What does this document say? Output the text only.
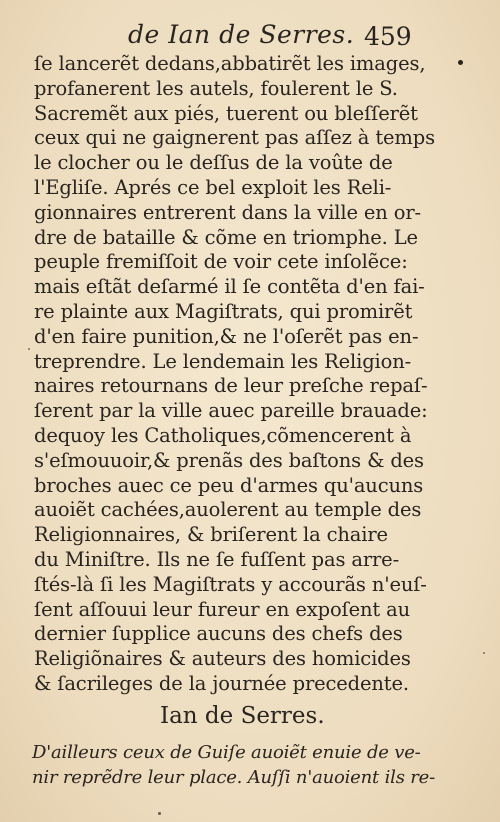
de Ian de Serres. 459
ſe lancerẽt dedans,abbatirẽt les images,
profanerent les autels, foulerent le S.
Sacremẽt aux piés, tuerent ou bleſſerẽt
ceux qui ne gaignerent pas aſſez à temps
le clocher ou le deſſus de la voûte de
l'Egliſe. Aprés ce bel exploit les Reli-
gionnaires entrerent dans la ville en or-
dre de bataille & cõme en triomphe. Le
peuple fremiſſoit de voir cete inſolẽce:
mais eſtãt deſarmé il ſe contẽta d'en fai-
re plainte aux Magiſtrats, qui promirẽt
d'en faire punition,& ne l'oſerẽt pas en-
treprendre. Le lendemain les Religion-
naires retournans de leur preſche repaſ-
ſerent par la ville auec pareille brauade:
dequoy les Catholiques,cõmencerent à
s'eſmouuoir,& prenãs des baſtons & des
broches auec ce peu d'armes qu'aucuns
auoiẽt cachées,auolerent au temple des
Religionnaires, & briſerent la chaire
du Miniſtre. Ils ne ſe fuſſent pas arre-
ſtés-là ſi les Magiſtrats y accourãs n'euſ-
ſent aſſouui leur fureur en expoſent au
dernier ſupplice aucuns des chefs des
Religiõnaires & auteurs des homicides
& ſacrileges de la journée precedente.
Ian de Serres.
D'ailleurs ceux de Guiſe auoiẽt enuie de ve-
nir reprẽdre leur place. Auſſi n'auoient ils re-
